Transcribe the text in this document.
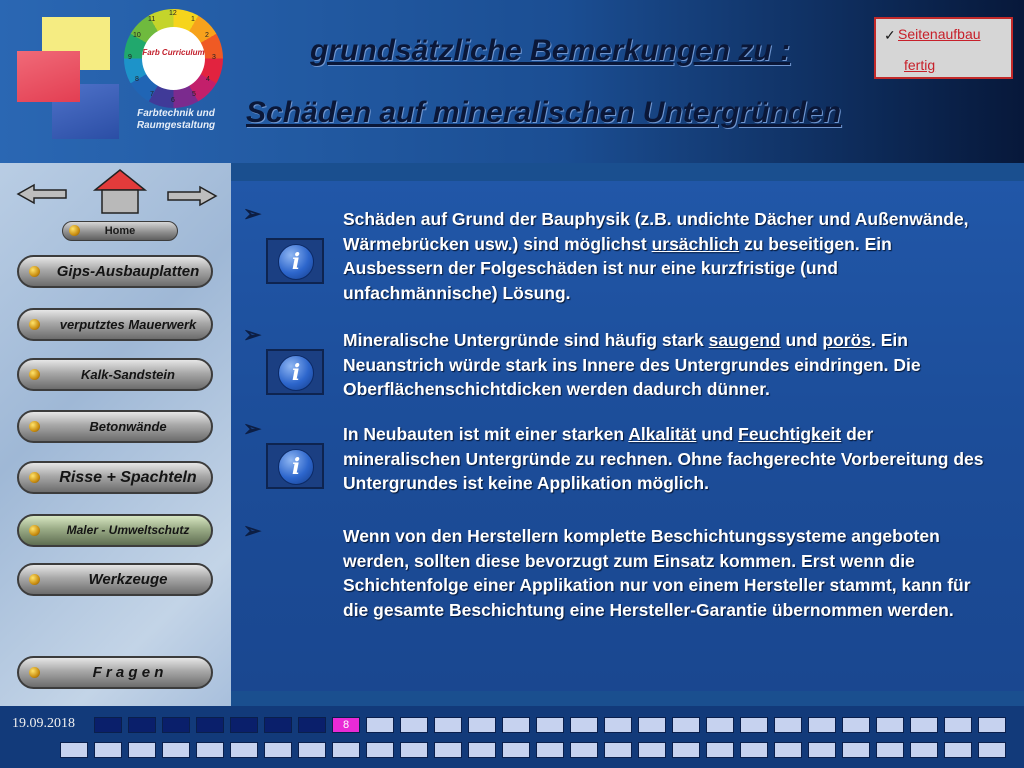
12
1
2
3
4
5
6
7
8
9
10
11
Farb Curriculum
Farbtechnik und
Raumgestaltung
grundsätzliche Bemerkungen zu :
Schäden auf mineralischen Untergründen
✓ Seitenaufbau
fertig
Home
Gips-Ausbauplatten
verputztes Mauerwerk
Kalk-Sandstein
Betonwände
Risse + Spachteln
Maler - Umweltschutz
Werkzeuge
F r a g e n
➢
i
Schäden auf Grund der Bauphysik (z.B. undichte Dächer und Außenwände, Wärmebrücken usw.) sind möglichst ursächlich zu beseitigen. Ein Ausbessern der Folgeschäden ist nur eine kurzfristige (und unfachmännische) Lösung.
➢
i
Mineralische Untergründe sind häufig stark saugend und porös. Ein Neuanstrich würde stark ins Innere des Untergrundes eindringen. Die Oberflächenschichtdicken werden dadurch dünner.
➢
i
In Neubauten ist mit einer starken Alkalität und Feuchtigkeit der mineralischen Untergründe zu rechnen. Ohne fachgerechte Vorbereitung des Untergrundes ist keine Applikation möglich.
➢	Wenn von den Herstellern komplette Beschichtungssysteme angeboten werden, sollten diese bevorzugt zum Einsatz kommen. Erst wenn die Schichtenfolge einer Applikation nur von einem Hersteller stammt, kann für die gesamte Beschichtung eine Hersteller-Garantie übernommen werden.
19.09.2018	8
